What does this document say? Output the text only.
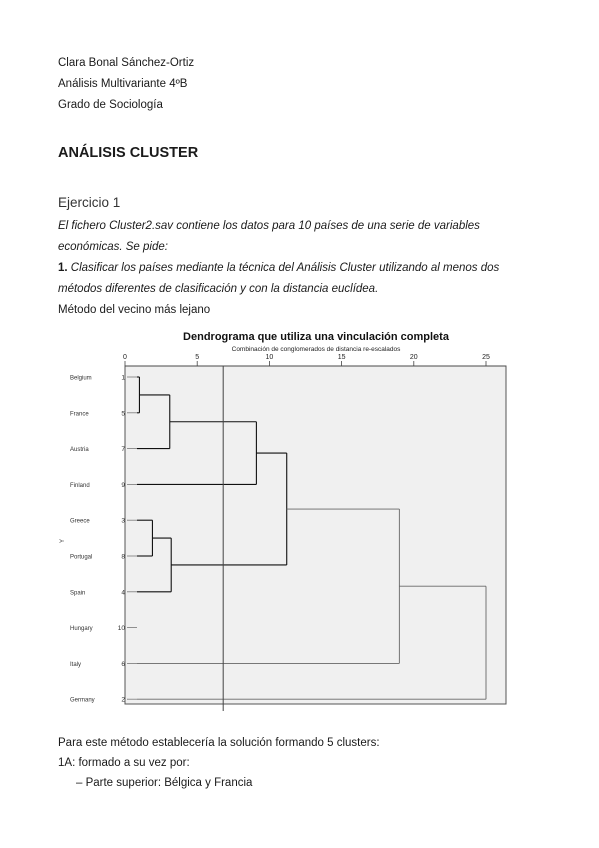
Clara Bonal Sánchez-Ortiz
Análisis Multivariante 4ºB
Grado de Sociología
ANÁLISIS CLUSTER
Ejercicio 1
El fichero Cluster2.sav contiene los datos para 10 países de una serie de variables
económicas. Se pide:
1. Clasificar los países mediante la técnica del Análisis Cluster utilizando al menos dos
métodos diferentes de clasificación y con la distancia euclídea.
Método del vecino más lejano
Dendrograma que utiliza una vinculación completa
Combinación de conglomerados de distancia re-escalados
Y
0	5	10	15	20	25
Belgium	1
France	5
Austria	7
Finland	9
Greece	3
Portugal	8
Spain	4
Hungary	10
Italy	6
Germany	2
Para este método establecería la solución formando 5 clusters:
1A: formado a su vez por:
– Parte superior: Bélgica y Francia
